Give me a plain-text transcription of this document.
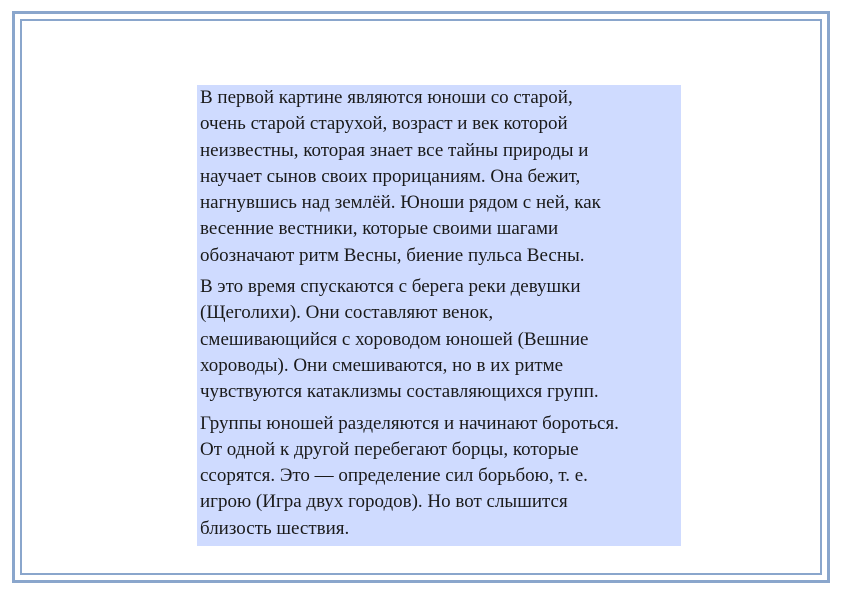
В первой картине являются юноши со старой,
очень старой старухой, возраст и век которой
неизвестны, которая знает все тайны природы и
научает сынов своих прорицаниям. Она бежит,
нагнувшись над землёй. Юноши рядом с ней, как
весенние вестники, которые своими шагами
обозначают ритм Весны, биение пульса Весны.

В это время спускаются с берега реки девушки
(Щеголихи). Они составляют венок,
смешивающийся с хороводом юношей (Вешние
хороводы). Они смешиваются, но в их ритме
чувствуются катаклизмы составляющихся групп.

Группы юношей разделяются и начинают бороться.
От одной к другой перебегают борцы, которые
ссорятся. Это — определение сил борьбою, т. е.
игрою (Игра двух городов). Но вот слышится
близость шествия.
